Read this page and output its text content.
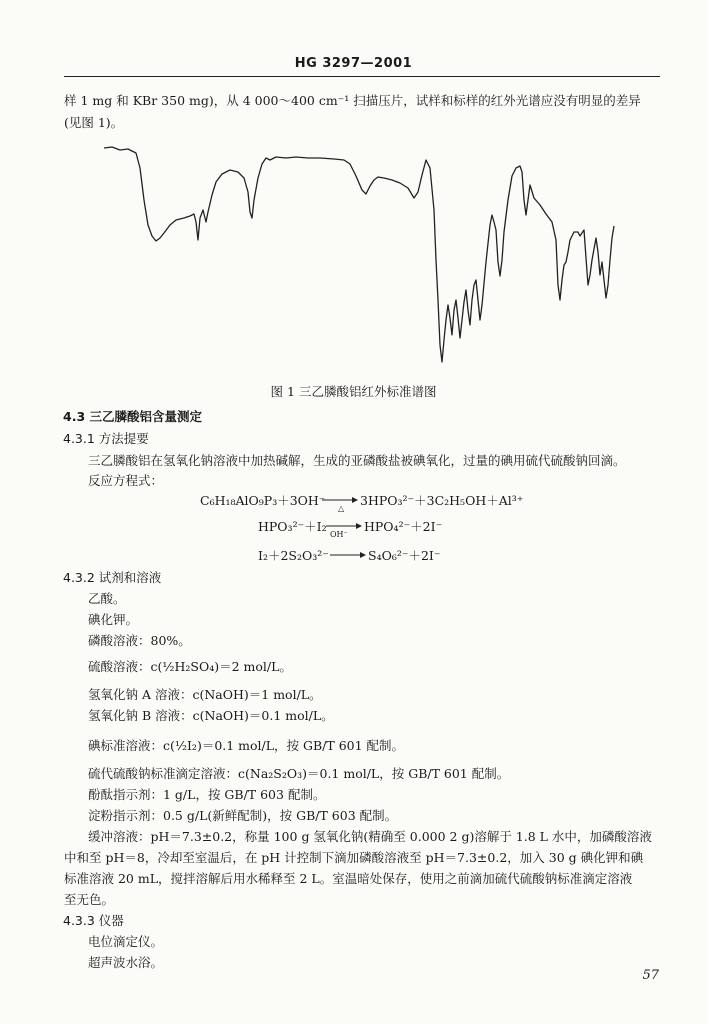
HG 3297—2001
样 1 mg 和 KBr 350 mg)，从 4 000～400 cm⁻¹ 扫描压片，试样和标样的红外光谱应没有明显的差异
(见图 1)。
图 1 三乙膦酸铝红外标准谱图
4.3 三乙膦酸铝含量测定
4.3.1 方法提要
三乙膦酸铝在氢氧化钠溶液中加热碱解，生成的亚磷酸盐被碘氧化，过量的碘用硫代硫酸钠回滴。
反应方程式：
C₆H₁₈AlO₉P₃＋3OH⁻
△
3HPO₃²⁻＋3C₂H₅OH＋Al³⁺
HPO₃²⁻＋I₂
OH⁻
HPO₄²⁻＋2I⁻
I₂＋2S₂O₃²⁻	S₄O₆²⁻＋2I⁻
4.3.2 试剂和溶液
乙酸。
碘化钾。
磷酸溶液：80%。
硫酸溶液：c(½H₂SO₄)＝2 mol/L。
氢氧化钠 A 溶液：c(NaOH)＝1 mol/L。
氢氧化钠 B 溶液：c(NaOH)＝0.1 mol/L。
碘标准溶液：c(½I₂)＝0.1 mol/L，按 GB/T 601 配制。
硫代硫酸钠标准滴定溶液：c(Na₂S₂O₃)＝0.1 mol/L，按 GB/T 601 配制。
酚酞指示剂：1 g/L，按 GB/T 603 配制。
淀粉指示剂：0.5 g/L(新鲜配制)，按 GB/T 603 配制。
缓冲溶液：pH＝7.3±0.2，称量 100 g 氢氧化钠(精确至 0.000 2 g)溶解于 1.8 L 水中，加磷酸溶液
中和至 pH＝8，冷却至室温后，在 pH 计控制下滴加磷酸溶液至 pH＝7.3±0.2，加入 30 g 碘化钾和碘
标准溶液 20 mL，搅拌溶解后用水稀释至 2 L。室温暗处保存，使用之前滴加硫代硫酸钠标准滴定溶液
至无色。
4.3.3 仪器
电位滴定仪。
超声波水浴。
57
